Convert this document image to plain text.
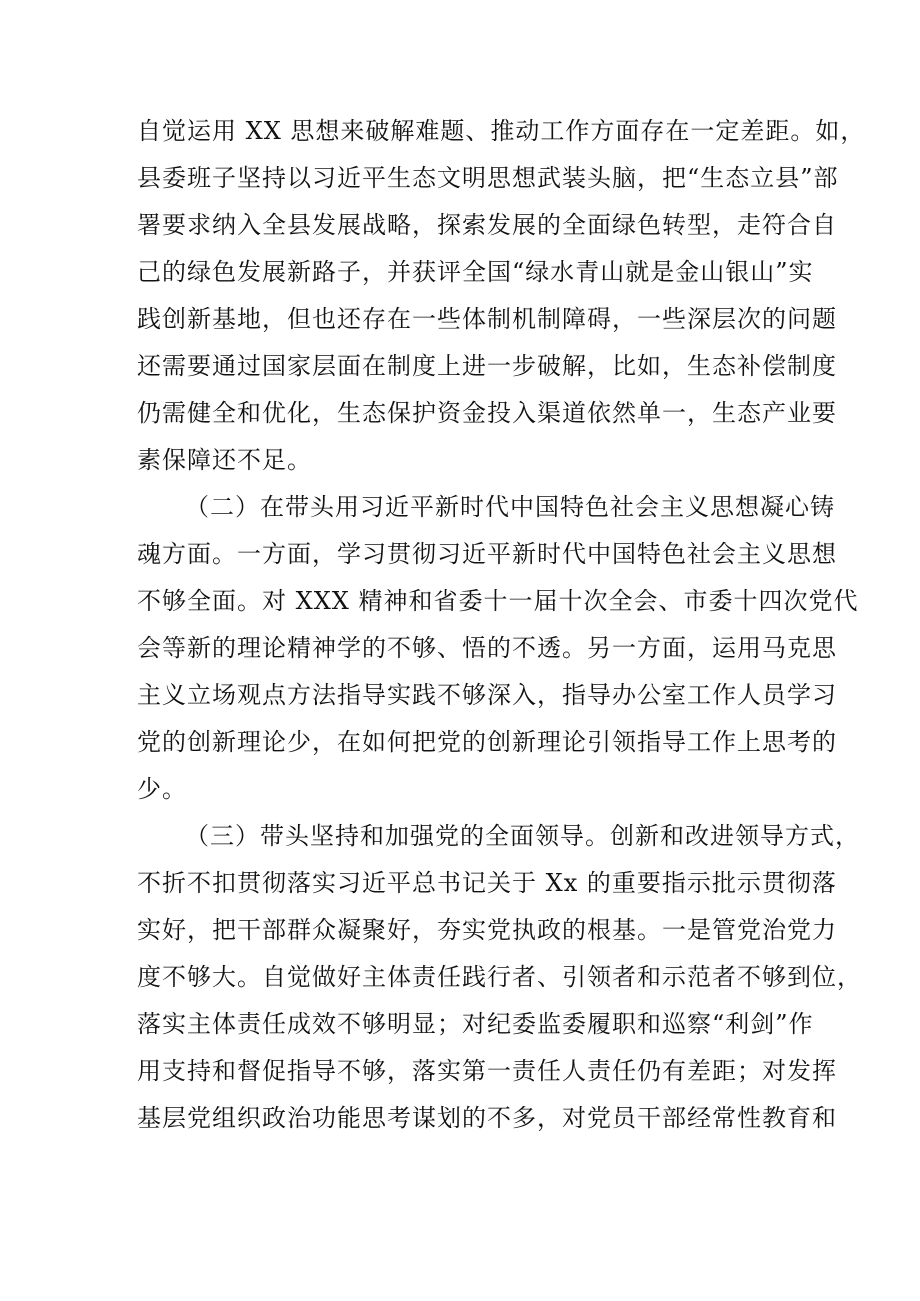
自觉运用 XX 思想来破解难题、推动工作方面存在一定差距。如，
县委班子坚持以习近平生态文明思想武装头脑，把“生态立县”部
署要求纳入全县发展战略，探索发展的全面绿色转型，走符合自
己的绿色发展新路子，并获评全国“绿水青山就是金山银山”实
践创新基地，但也还存在一些体制机制障碍，一些深层次的问题
还需要通过国家层面在制度上进一步破解，比如，生态补偿制度
仍需健全和优化，生态保护资金投入渠道依然单一，生态产业要
素保障还不足。
（二）在带头用习近平新时代中国特色社会主义思想凝心铸
魂方面。一方面，学习贯彻习近平新时代中国特色社会主义思想
不够全面。对 XXX 精神和省委十一届十次全会、市委十四次党代
会等新的理论精神学的不够、悟的不透。另一方面，运用马克思
主义立场观点方法指导实践不够深入，指导办公室工作人员学习
党的创新理论少，在如何把党的创新理论引领指导工作上思考的
少。
（三）带头坚持和加强党的全面领导。创新和改进领导方式，
不折不扣贯彻落实习近平总书记关于 Xx 的重要指示批示贯彻落
实好，把干部群众凝聚好，夯实党执政的根基。一是管党治党力
度不够大。自觉做好主体责任践行者、引领者和示范者不够到位，
落实主体责任成效不够明显；对纪委监委履职和巡察“利剑”作
用支持和督促指导不够，落实第一责任人责任仍有差距；对发挥
基层党组织政治功能思考谋划的不多，对党员干部经常性教育和
